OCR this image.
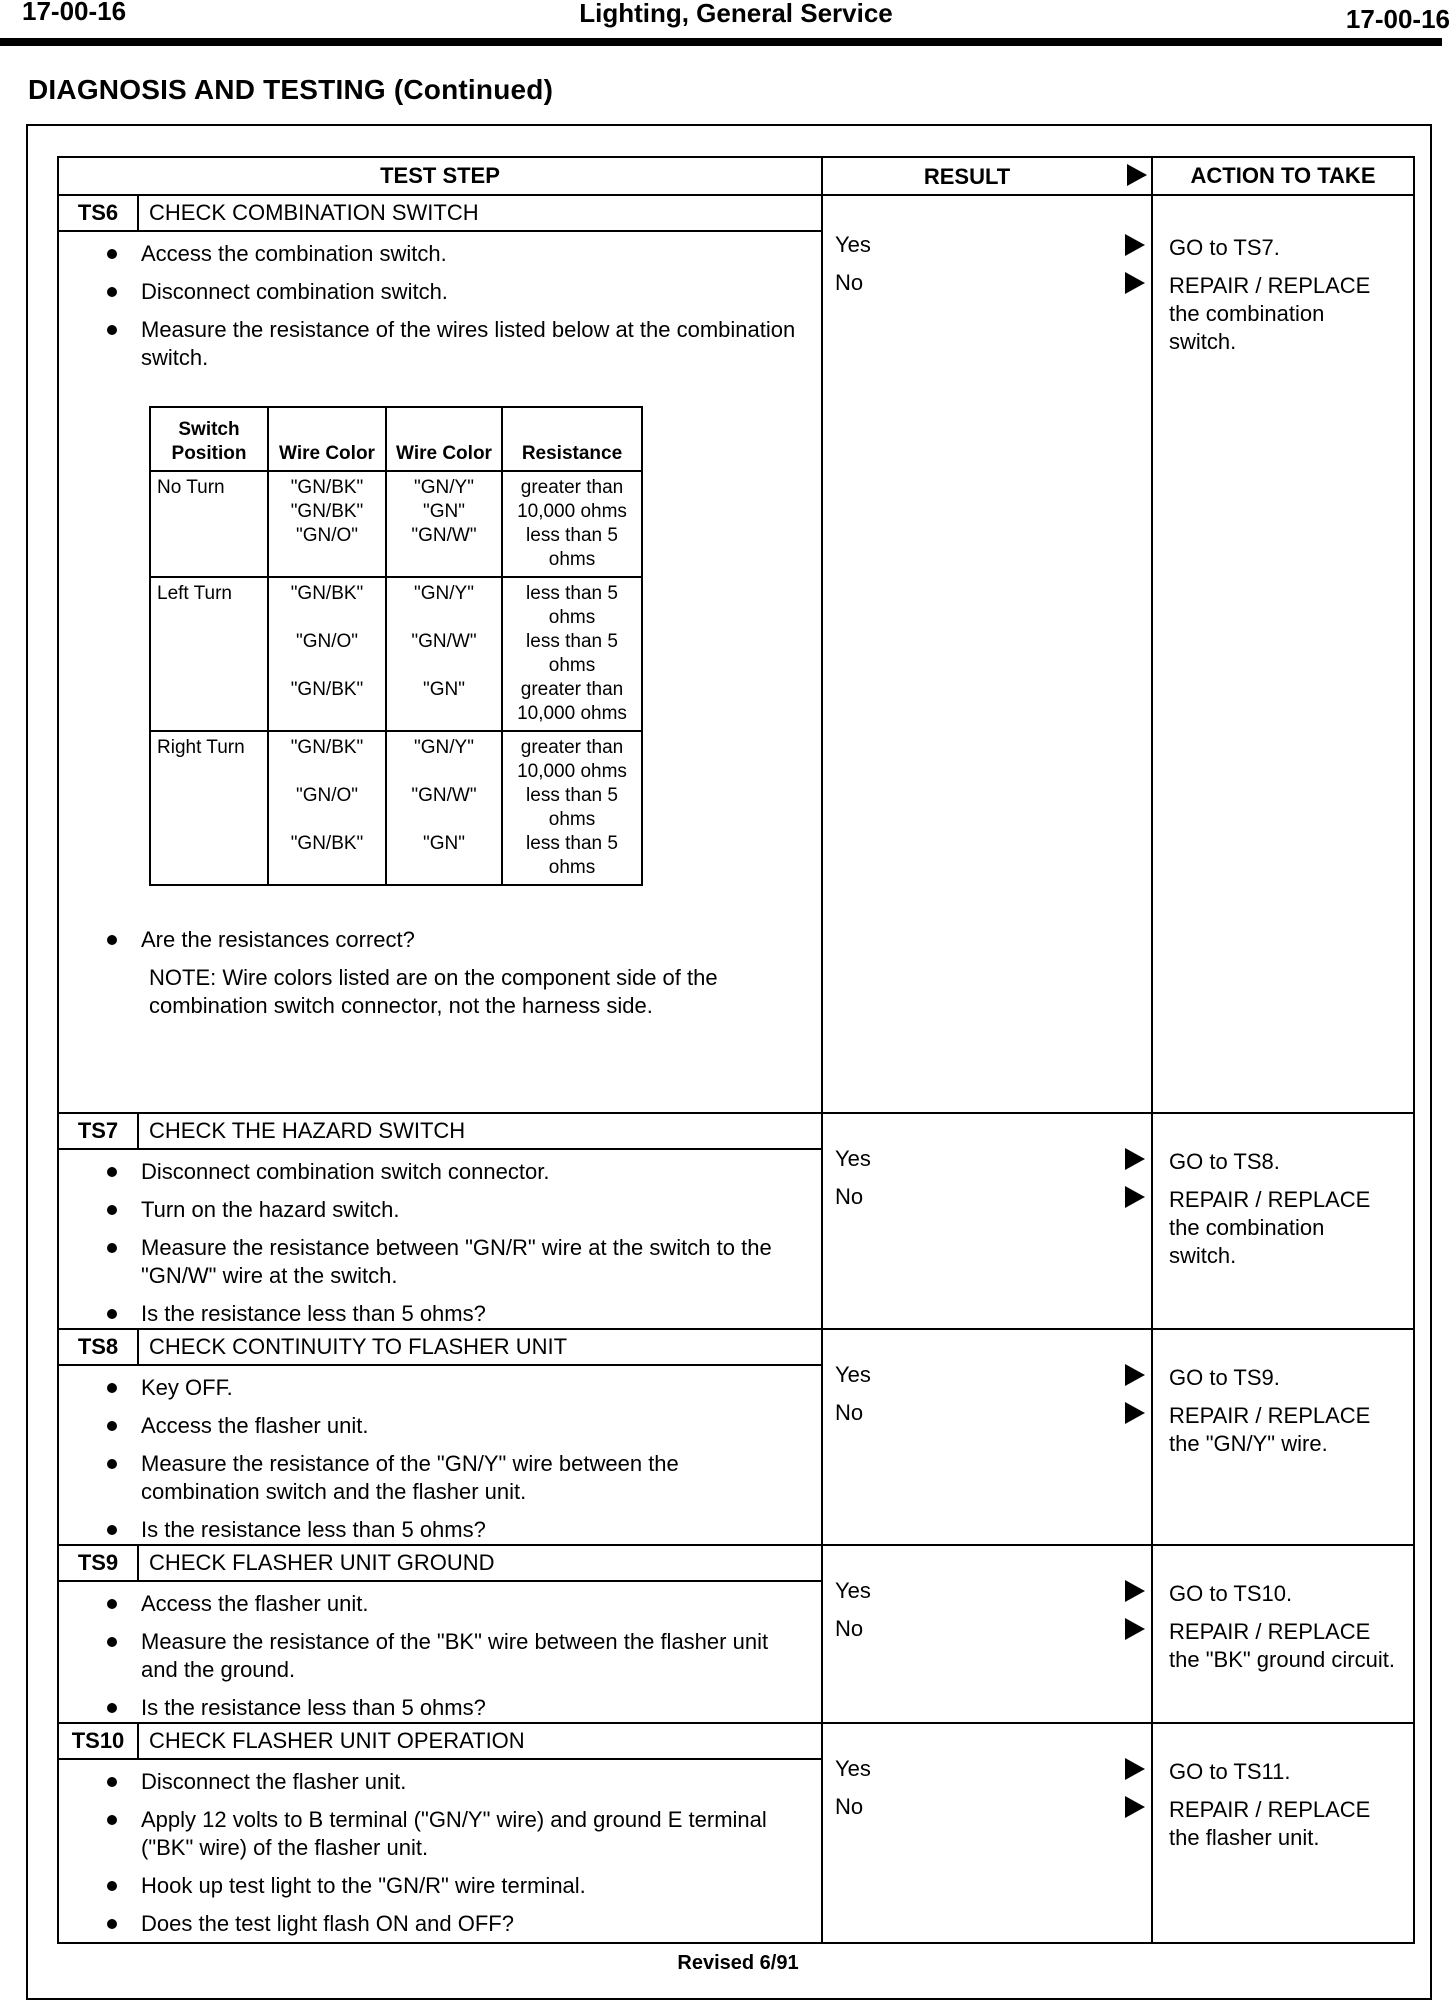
17-00-16	Lighting, General Service	17-00-16
DIAGNOSIS AND TESTING (Continued)
TEST STEP	RESULT	ACTION TO TAKE
TS6	CHECK COMBINATION SWITCH	
Yes
No

GO to TS7.
REPAIR / REPLACE the combination switch.

Access the combination switch.
Disconnect combination switch.
Measure the resistance of the wires listed below at the combination switch.
Switch Position	Wire Color	Wire Color	Resistance
No Turn	"GN/BK"
"GN/BK"
"GN/O"

"GN/Y"
"GN"
"GN/W"

greater than 10,000 ohms
less than 5 ohms

Left Turn	"GN/BK"
"GN/O"
"GN/BK"

"GN/Y"
"GN/W"
"GN"

less than 5 ohms
less than 5 ohms
greater than 10,000 ohms

Right Turn	"GN/BK"
"GN/O"
"GN/BK"

"GN/Y"
"GN/W"
"GN"

greater than 10,000 ohms
less than 5 ohms
less than 5 ohms
Are the resistances correct?
NOTE: Wire colors listed are on the component side of the combination switch connector, not the harness side.

TS7	CHECK THE HAZARD SWITCH	
Yes
No

GO to TS8.
REPAIR / REPLACE the combination switch.

Disconnect combination switch connector.
Turn on the hazard switch.
Measure the resistance between "GN/R" wire at the switch to the "GN/W" wire at the switch.
Is the resistance less than 5 ohms?

TS8	CHECK CONTINUITY TO FLASHER UNIT	
Yes
No

GO to TS9.
REPAIR / REPLACE the "GN/Y" wire.

Key OFF.
Access the flasher unit.
Measure the resistance of the "GN/Y" wire between the combination switch and the flasher unit.
Is the resistance less than 5 ohms?

TS9	CHECK FLASHER UNIT GROUND	
Yes
No

GO to TS10.
REPAIR / REPLACE the "BK" ground circuit.

Access the flasher unit.
Measure the resistance of the "BK" wire between the flasher unit and the ground.
Is the resistance less than 5 ohms?

TS10	CHECK FLASHER UNIT OPERATION	
Yes
No

GO to TS11.
REPAIR / REPLACE the flasher unit.

Disconnect the flasher unit.
Apply 12 volts to B terminal ("GN/Y" wire) and ground E terminal ("BK" wire) of the flasher unit.
Hook up test light to the "GN/R" wire terminal.
Does the test light flash ON and OFF?
Revised 6/91
